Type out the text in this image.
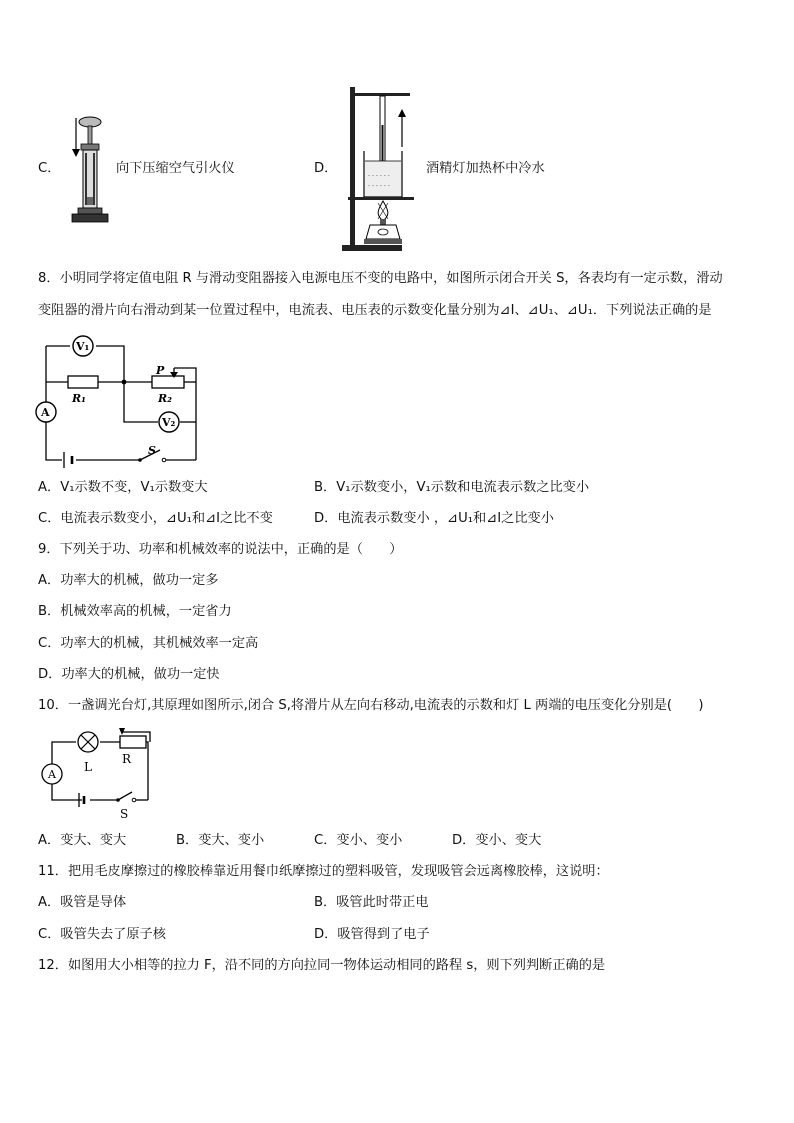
C．	向下压缩空气引火仪	D．	- - - - - -
- - - - - -
酒精灯加热杯中冷水
8．小明同学将定值电阻 R 与滑动变阻器接入电源电压不变的电路中，如图所示闭合开关 S，各表均有一定示数，滑动
变阻器的滑片向右滑动到某一位置过程中，电流表、电压表的示数变化量分别为⊿I、⊿U₁、⊿U₁．下列说法正确的是
V₁
A
V₂
R₁	R₂
P
S
A．V₁示数不变，V₁示数变大	B．V₁示数变小，V₁示数和电流表示数之比变小
C．电流表示数变小，⊿U₁和⊿I之比不变	D．电流表示数变小 ，⊿U₁和⊿I之比变小
9．下列关于功、功率和机械效率的说法中，正确的是（　　）
A．功率大的机械，做功一定多
B．机械效率高的机械，一定省力
C．功率大的机械，其机械效率一定高
D．功率大的机械，做功一定快
10．一盏调光台灯,其原理如图所示,闭合 S,将滑片从左向右移动,电流表的示数和灯 L 两端的电压变化分别是(　　)
A
L
R
S
A．变大、变大	B．变大、变小	C．变小、变小	D．变小、变大
11．把用毛皮摩擦过的橡胶棒靠近用餐巾纸摩擦过的塑料吸管，发现吸管会远离橡胶棒，这说明：
A．吸管是导体	B．吸管此时带正电
C．吸管失去了原子核	D．吸管得到了电子
12．如图用大小相等的拉力 F，沿不同的方向拉同一物体运动相同的路程 s，则下列判断正确的是
